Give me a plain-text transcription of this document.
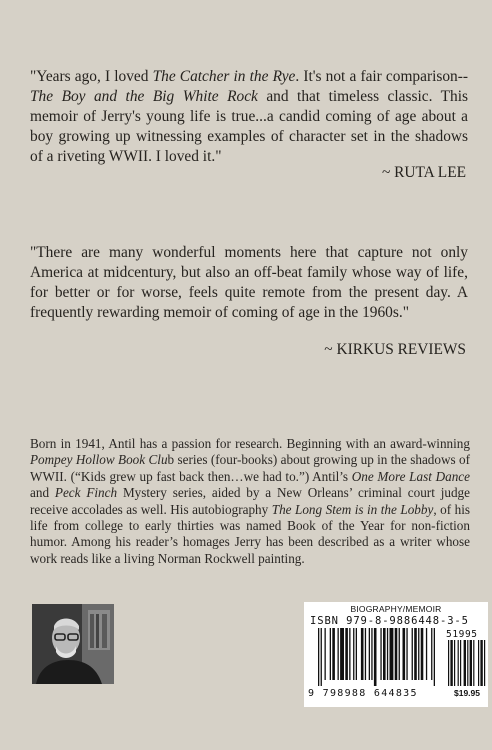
"Years ago, I loved The Catcher in the Rye. It's not a fair comparison-- The Boy and the Big White Rock and that timeless classic. This memoir of Jerry's young life is true...a candid coming of age about a boy growing up witnessing examples of character set in the shadows of a riveting WWII. I loved it."

~ RUTA LEE

"There are many wonderful moments here that capture not only America at midcentury, but also an off-beat family whose way of life, for better or for worse, feels quite remote from the present day. A frequently rewarding memoir of coming of age in the 1960s."

~ KIRKUS REVIEWS

Born in 1941, Antil has a passion for research. Beginning with an award-winning Pompey Hollow Book Club series (four-books) about growing up in the shadows of WWII. (“Kids grew up fast back then…we had to.”) Antil’s One More Last Dance and Peck Finch Mystery series, aided by a New Orleans’ criminal court judge receive accolades as well. His autobiography The Long Stem is in the Lobby, of his life from college to early thirties was named Book of the Year for non-fiction humor. Among his reader’s homages Jerry has been described as a writer whose work reads like a living Norman Rockwell painting.

BIOGRAPHY/MEMOIR
ISBN 979-8-9886448-3-5
51995
9 798988 644835	$19.95
